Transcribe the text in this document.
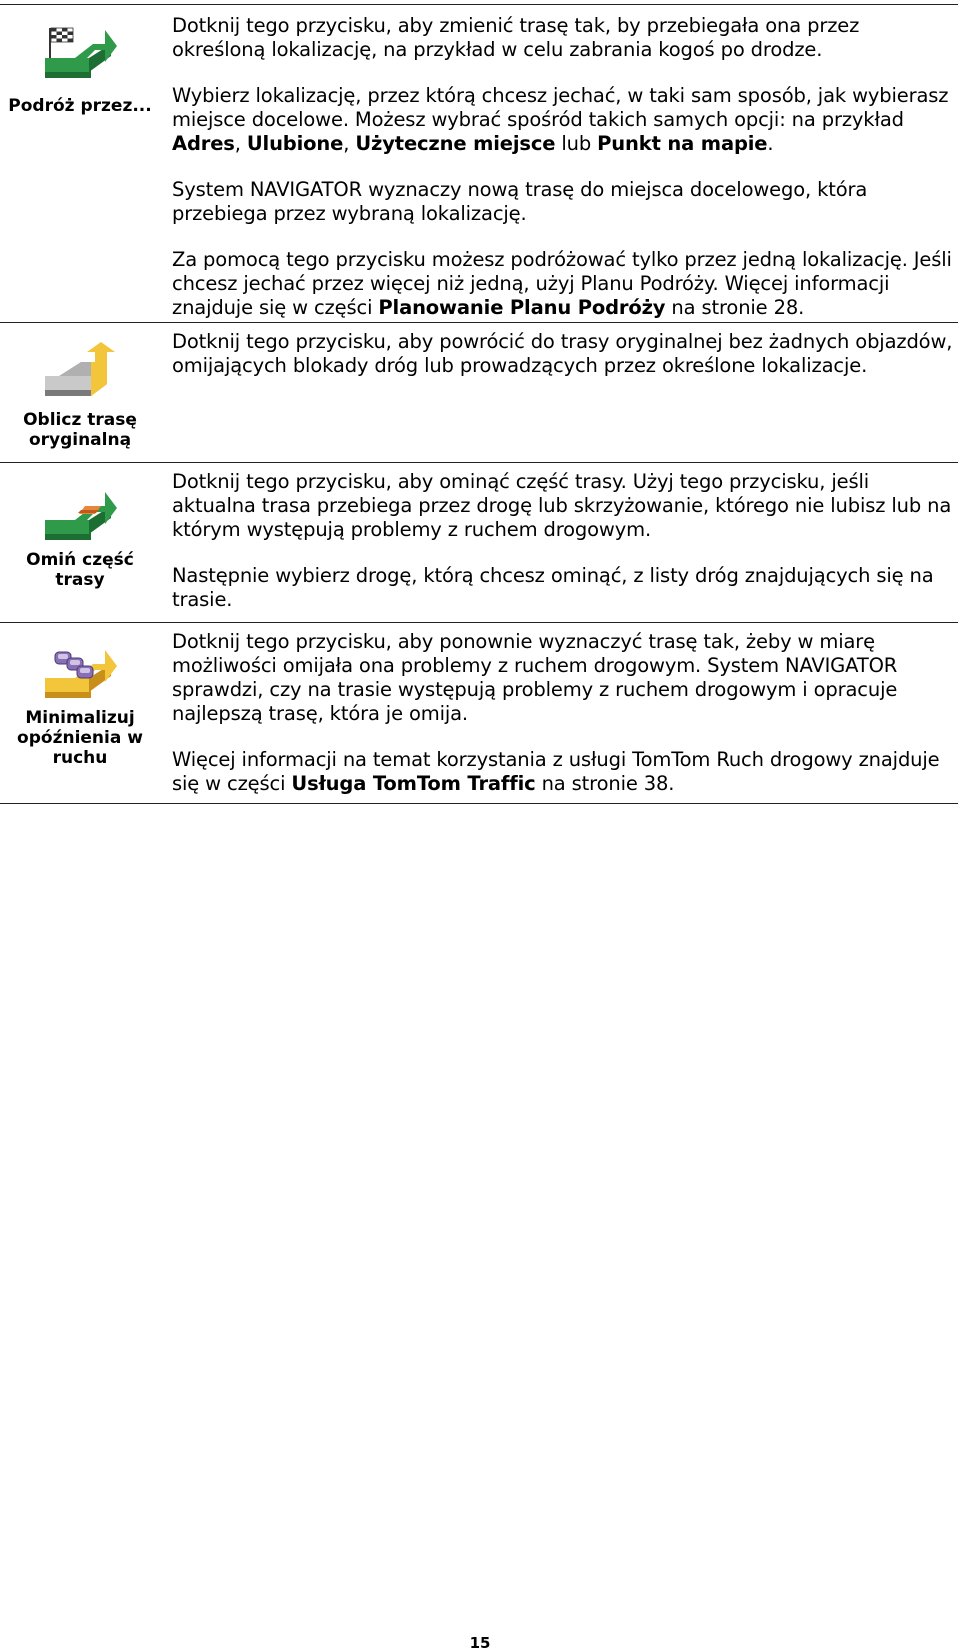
Podróż przez...

Dotknij tego przycisku, aby zmienić trasę tak, by przebiegała ona przez określoną lokalizację, na przykład w celu zabrania kogoś po drodze.

Wybierz lokalizację, przez którą chcesz jechać, w taki sam sposób, jak wybierasz miejsce docelowe. Możesz wybrać spośród takich samych opcji: na przykład Adres, Ulubione, Użyteczne miejsce lub Punkt na mapie.

System NAVIGATOR wyznaczy nową trasę do miejsca docelowego, która przebiega przez wybraną lokalizację.

Za pomocą tego przycisku możesz podróżować tylko przez jedną lokalizację. Jeśli chcesz jechać przez więcej niż jedną, użyj Planu Podróży. Więcej informacji znajduje się w części Planowanie Planu Podróży na stronie 28.

Oblicz trasę oryginalną

Dotknij tego przycisku, aby powrócić do trasy oryginalnej bez żadnych objazdów, omijających blokady dróg lub prowadzących przez określone lokalizacje.

Omiń część trasy

Dotknij tego przycisku, aby ominąć część trasy. Użyj tego przycisku, jeśli aktualna trasa przebiega przez drogę lub skrzyżowanie, którego nie lubisz lub na którym występują problemy z ruchem drogowym.

Następnie wybierz drogę, którą chcesz ominąć, z listy dróg znajdujących się na trasie.

Minimalizuj opóźnienia w ruchu

Dotknij tego przycisku, aby ponownie wyznaczyć trasę tak, żeby w miarę możliwości omijała ona problemy z ruchem drogowym. System NAVIGATOR sprawdzi, czy na trasie występują problemy z ruchem drogowym i opracuje najlepszą trasę, która je omija.

Więcej informacji na temat korzystania z usługi TomTom Ruch drogowy znajduje się w części Usługa TomTom Traffic na stronie 38.

15
